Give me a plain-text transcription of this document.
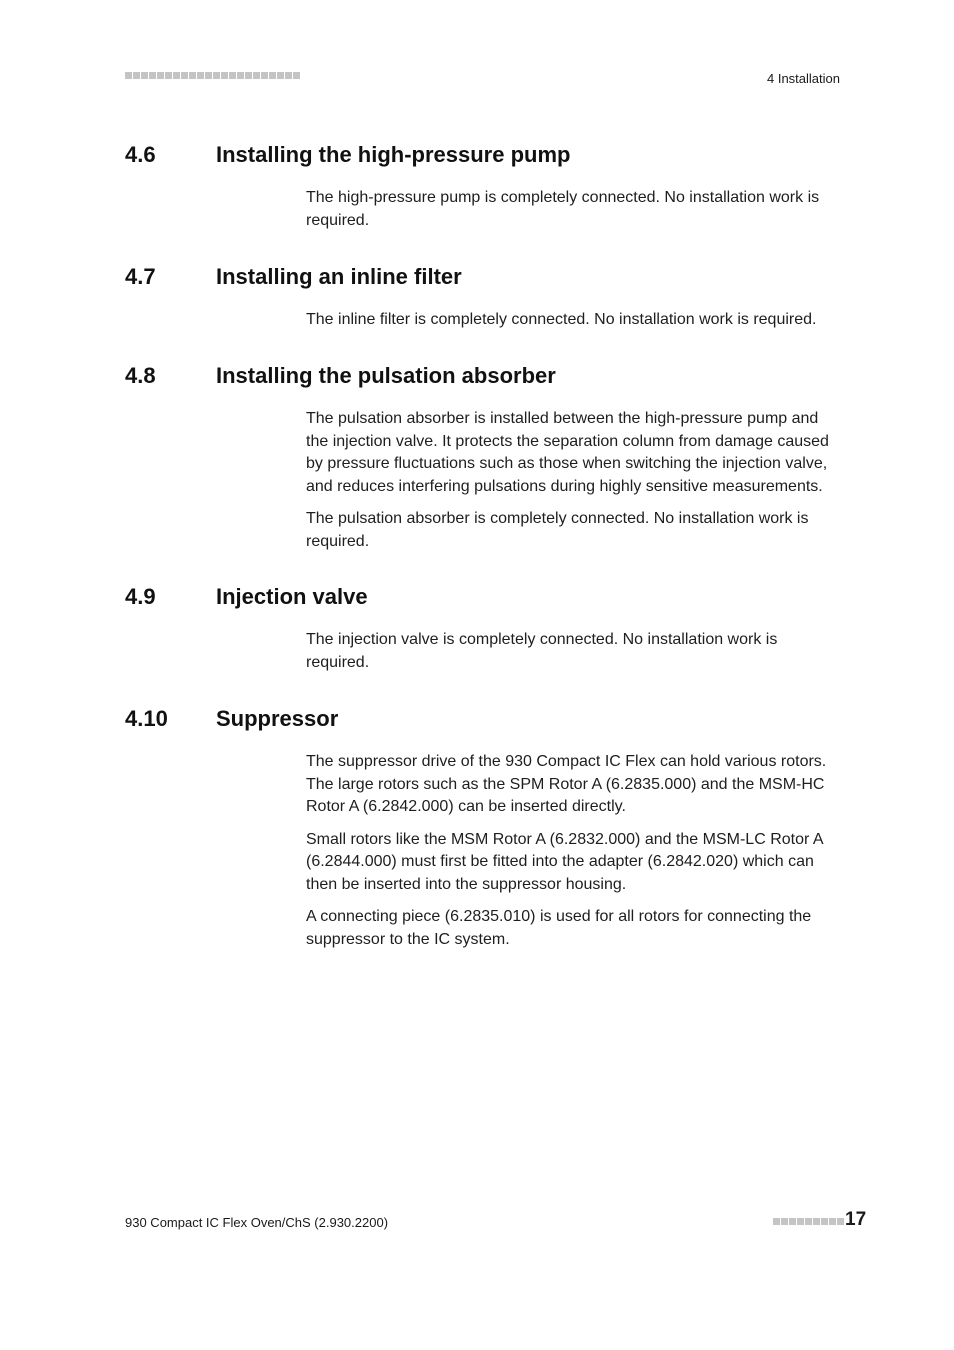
4 Installation
4.6	Installing the high-pressure pump

The high-pressure pump is completely connected. No installation work is required.

4.7	Installing an inline filter

The inline filter is completely connected. No installation work is required.

4.8	Installing the pulsation absorber

The pulsation absorber is installed between the high-pressure pump and the injection valve. It protects the separation column from damage caused by pressure fluctuations such as those when switching the injection valve, and reduces interfering pulsations during highly sensitive measurements.

The pulsation absorber is completely connected. No installation work is required.

4.9	Injection valve

The injection valve is completely connected. No installation work is required.

4.10	Suppressor

The suppressor drive of the 930 Compact IC Flex can hold various rotors. The large rotors such as the SPM Rotor A (6.2835.000) and the MSM-HC Rotor A (6.2842.000) can be inserted directly.

Small rotors like the MSM Rotor A (6.2832.000) and the MSM-LC Rotor A (6.2844.000) must first be fitted into the adapter (6.2842.020) which can then be inserted into the suppressor housing.

A connecting piece (6.2835.010) is used for all rotors for connecting the suppressor to the IC system.

930 Compact IC Flex Oven/ChS (2.930.2200)	17
